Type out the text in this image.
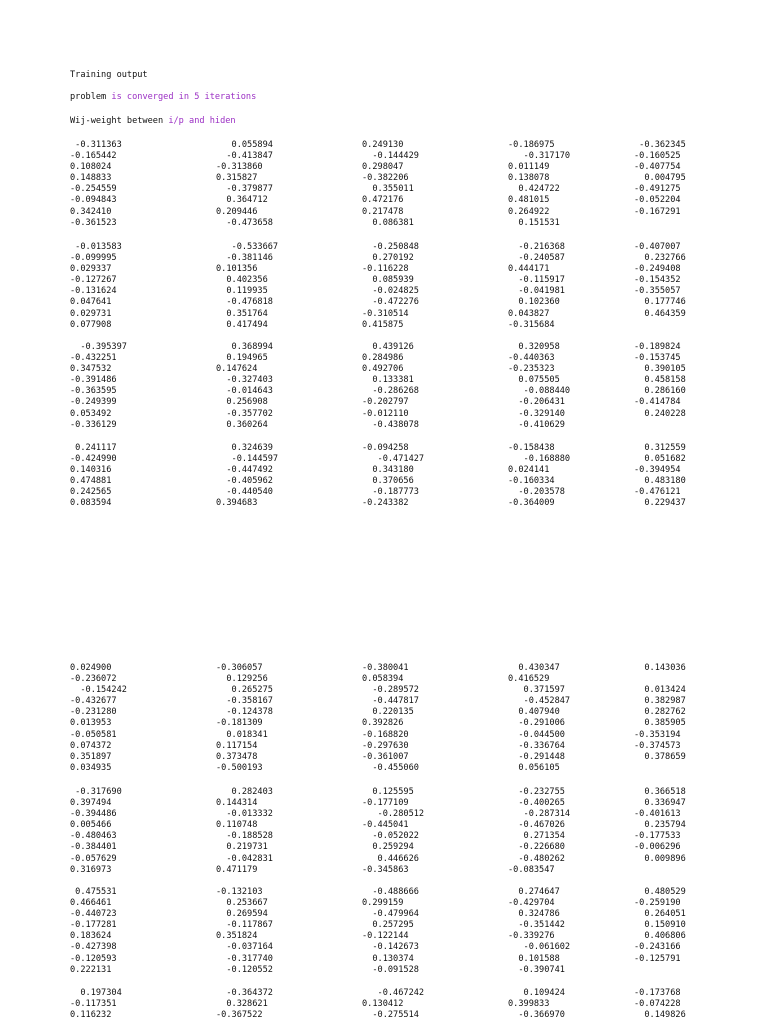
Training output
problem is converged in 5 iterations
Wij-weight between i/p and hiden
-0.311363
-0.165442
0.108024
0.148833
-0.254559
-0.094843
0.342410
-0.361523
0.055894
-0.413847
-0.313860
0.315827
-0.379877
0.364712
0.209446
-0.473658
0.249130
-0.144429
0.298047
-0.382206
0.355011
0.472176
0.217478
0.086381
-0.186975
-0.317170
0.011149
0.138078
0.424722
0.481015
0.264922
0.151531
-0.362345
-0.160525
-0.407754
0.004795
-0.491275
-0.052204
-0.167291
-0.013583
-0.099995
0.029337
-0.127267
-0.131624
0.047641
0.029731
0.077908
-0.533667
-0.381146
0.101356
0.402356
0.119935
-0.476818
0.351764
0.417494
-0.250848
0.270192
-0.116228
0.085939
-0.024825
-0.472276
-0.310514
0.415875
-0.216368
-0.240587
0.444171
-0.115917
-0.041981
0.102360
0.043827
-0.315684
-0.407007
0.232766
-0.249408
-0.154352
-0.355057
0.177746
0.464359
-0.395397
-0.432251
0.347532
-0.391486
-0.363595
-0.249399
0.053492
-0.336129
0.368994
0.194965
0.147624
-0.327403
-0.014643
0.256908
-0.357702
0.360264
0.439126
0.284986
0.492706
0.133381
-0.286268
-0.202797
-0.012110
-0.438078
0.320958
-0.440363
-0.235323
0.075505
-0.088440
-0.206431
-0.329140
-0.410629
-0.189824
-0.153745
0.390105
0.458158
0.286160
-0.414784
0.240228
0.241117
-0.424990
0.140316
0.474881
0.242565
0.083594
0.324639
-0.144597
-0.447492
-0.405962
-0.440540
0.394683
-0.094258
-0.471427
0.343180
0.370656
-0.187773
-0.243382
-0.158438
-0.168880
0.024141
-0.160334
-0.203578
-0.364009
0.312559
0.051682
-0.394954
0.483180
-0.476121
0.229437
0.024900
-0.236072
-0.154242
-0.432677
-0.231280
0.013953
-0.050581
0.074372
0.351897
0.034935
-0.306057
0.129256
0.265275
-0.358167
-0.124378
-0.181309
0.018341
0.117154
0.373478
-0.500193
-0.380041
0.058394
-0.289572
-0.447817
0.220135
0.392826
-0.168820
-0.297630
-0.361007
-0.455060
0.430347
0.416529
0.371597
-0.452847
0.407940
-0.291006
-0.044500
-0.336764
-0.291448
0.056105
0.143036

0.013424
0.382987
0.282762
0.385905
-0.353194
-0.374573
0.378659
-0.317690
0.397494
-0.394486
0.005466
-0.480463
-0.384401
-0.057629
0.316973
0.282403
0.144314
-0.013332
0.110748
-0.188528
0.219731
-0.042831
0.471179
0.125595
-0.177109
-0.280512
-0.445041
-0.052022
0.259294
0.446626
-0.345863
-0.232755
-0.400265
-0.287314
-0.467026
0.271354
-0.226680
-0.480262
-0.083547
0.366518
0.336947
-0.401613
0.235794
-0.177533
-0.006296
0.009896
0.475531
0.466461
-0.440723
-0.177281
0.183624
-0.427398
-0.120593
0.222131
-0.132103
0.253667
0.269594
-0.117867
0.351824
-0.037164
-0.317740
-0.120552
-0.488666
0.299159
-0.479964
0.257295
-0.122144
-0.142673
0.130374
-0.091528
0.274647
-0.429704
0.324786
-0.351442
-0.339276
-0.061602
0.101588
-0.390741
0.480529
-0.259190
0.264051
0.150910
0.406806
-0.243166
-0.125791
0.197304
-0.117351
0.116232
-0.364372
0.328621
-0.367522
-0.467242
0.130412
-0.275514
0.109424
0.399833
-0.366970
-0.173768
-0.074228
0.149826
